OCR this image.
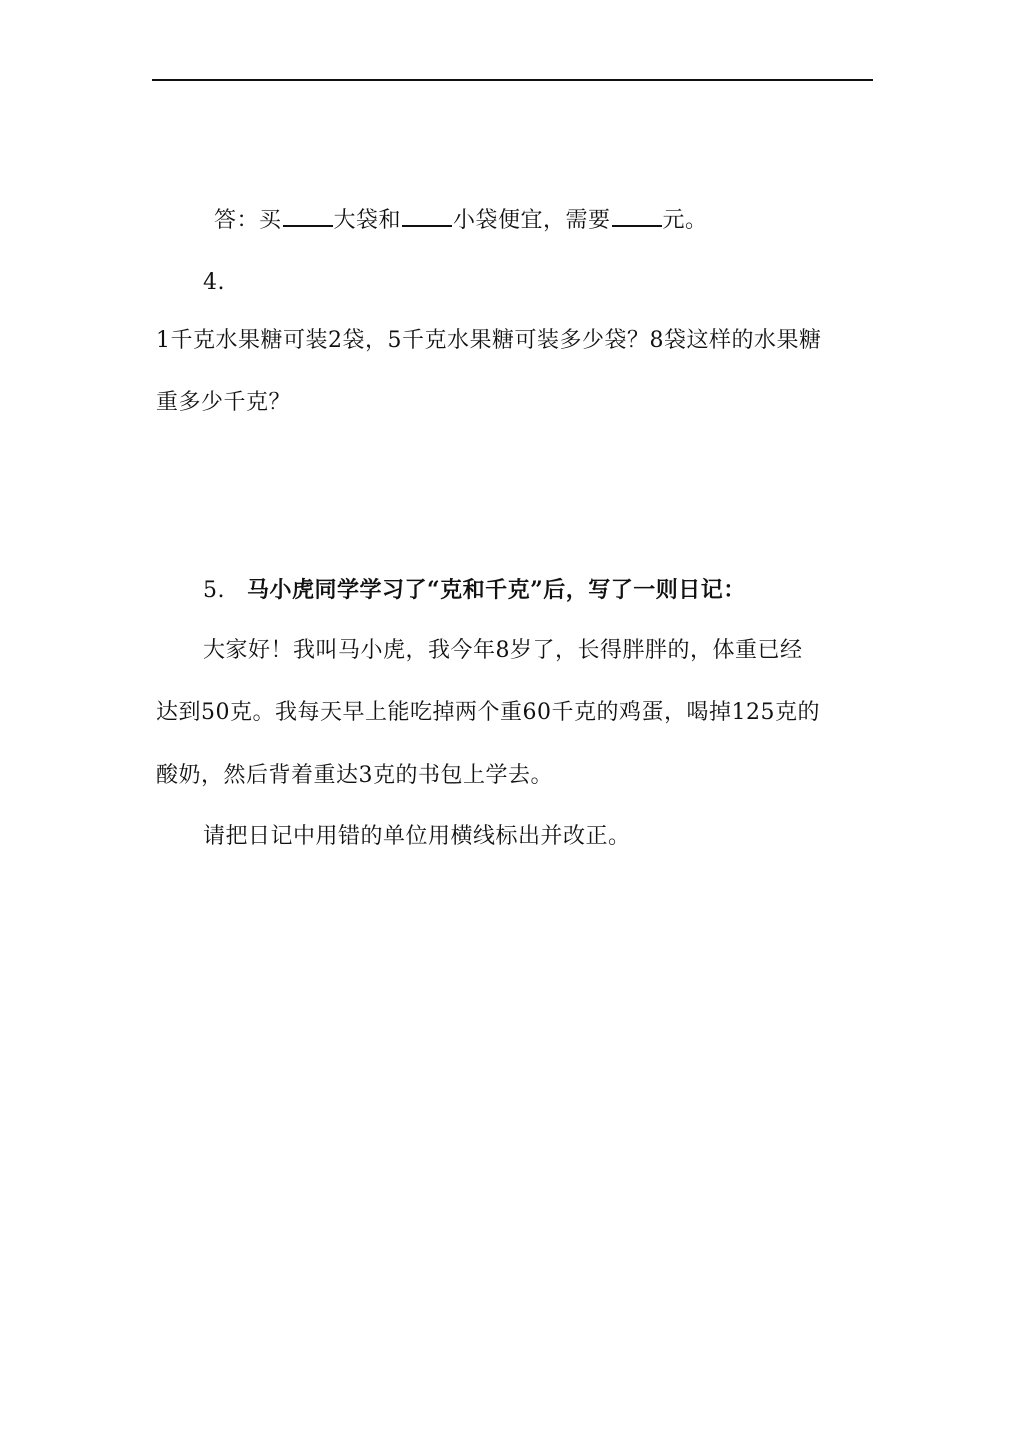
答：买 大袋和 小袋便宜，需要 元。
4.
1千克水果糖可装2袋，5千克水果糖可装多少袋？8袋这样的水果糖
重多少千克？
5. 马小虎同学学习了“克和千克”后，写了一则日记：
大家好！我叫马小虎，我今年8岁了，长得胖胖的，体重已经
达到50克。我每天早上能吃掉两个重60千克的鸡蛋，喝掉125克的
酸奶，然后背着重达3克的书包上学去。
请把日记中用错的单位用横线标出并改正。
